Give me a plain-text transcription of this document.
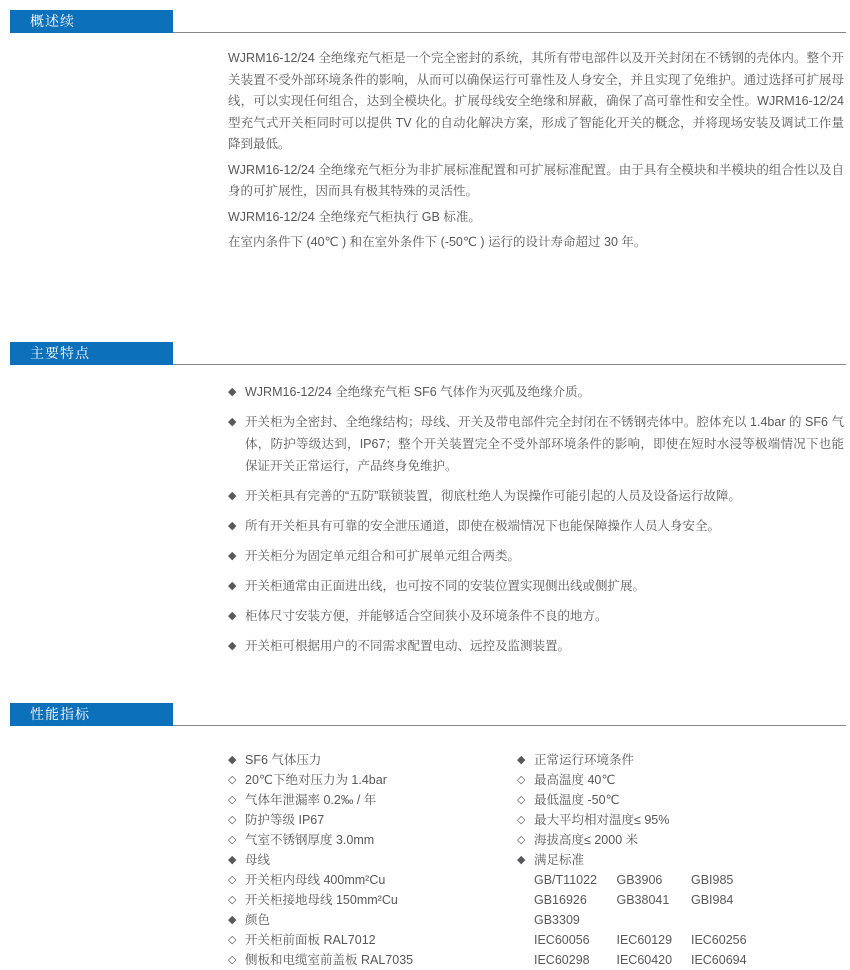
概述续

WJRM16-12/24 全绝缘充气柜是一个完全密封的系统，其所有带电部件以及开关封闭在不锈钢的壳体内。整个开关装置不受外部环境条件的影响，从而可以确保运行可靠性及人身安全，并且实现了免维护。通过选择可扩展母线，可以实现任何组合，达到全模块化。扩展母线安全绝缘和屏蔽，确保了高可靠性和安全性。WJRM16-12/24 型充气式开关柜同时可以提供 TV 化的自动化解决方案，形成了智能化开关的概念，并将现场安装及调试工作量降到最低。

WJRM16-12/24 全绝缘充气柜分为非扩展标准配置和可扩展标准配置。由于具有全模块和半模块的组合性以及自身的可扩展性，因而具有极其特殊的灵活性。

WJRM16-12/24 全绝缘充气柜执行 GB 标准。

在室内条件下 (40℃ ) 和在室外条件下 (-50℃ ) 运行的设计寿命超过 30 年。

主要特点
◆ WJRM16-12/24 全绝缘充气柜 SF6 气体作为灭弧及绝缘介质。
◆ 开关柜为全密封、全绝缘结构；母线、开关及带电部件完全封闭在不锈钢壳体中。腔体充以 1.4bar 的 SF6 气体，防护等级达到，IP67；整个开关装置完全不受外部环境条件的影响，即使在短时水浸等极端情况下也能保证开关正常运行，产品终身免维护。
◆ 开关柜具有完善的“五防”联锁装置，彻底杜绝人为误操作可能引起的人员及设备运行故障。
◆ 所有开关柜具有可靠的安全泄压通道，即使在极端情况下也能保障操作人员人身安全。
◆ 开关柜分为固定单元组合和可扩展单元组合两类。
◆ 开关柜通常由正面进出线，也可按不同的安装位置实现侧出线或侧扩展。
◆ 柜体尺寸安装方便，并能够适合空间狭小及环境条件不良的地方。
◆ 开关柜可根据用户的不同需求配置电动、远控及监测装置。
性能指标
◆ SF6 气体压力
◇ 20℃下绝对压力为 1.4bar
◇ 气体年泄漏率 0.2‰ / 年
◇ 防护等级 IP67
◇ 气室不锈钢厚度 3.0mm
◆ 母线
◇ 开关柜内母线 400mm²Cu
◇ 开关柜接地母线 150mm²Cu
◆ 颜色
◇ 开关柜前面板 RAL7012
◇ 侧板和电缆室前盖板 RAL7035
◆ 正常运行环境条件
◇ 最高温度 40℃
◇ 最低温度 -50℃
◇ 最大平均相对温度≤ 95%
◇ 海拔高度≤ 2000 米
◆ 满足标准
GB/T11022 GB3906 GBI985
GB16926 GB38041 GBI984
GB3309
IEC60056 IEC60129 IEC60256
IEC60298 IEC60420 IEC60694
